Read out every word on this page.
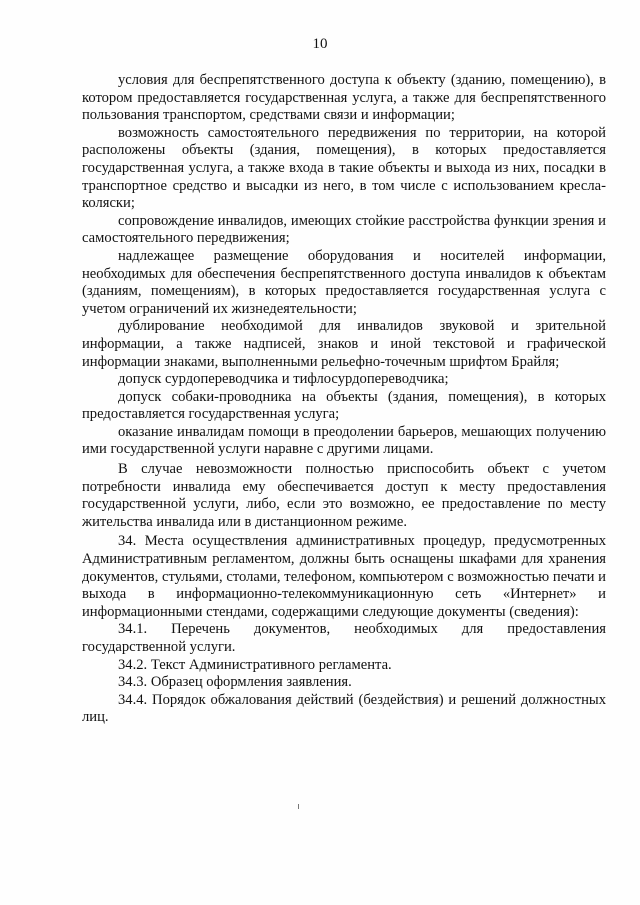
10

условия для беспрепятственного доступа к объекту (зданию, помещению), в котором предоставляется государственная услуга, а также для беспрепятственного пользования транспортом, средствами связи и информации;

возможность самостоятельного передвижения по территории, на которой расположены объекты (здания, помещения), в которых предоставляется государственная услуга, а также входа в такие объекты и выхода из них, посадки в транспортное средство и высадки из него, в том числе с использованием кресла-коляски;

сопровождение инвалидов, имеющих стойкие расстройства функции зрения и самостоятельного передвижения;

надлежащее размещение оборудования и носителей информации, необходимых для обеспечения беспрепятственного доступа инвалидов к объектам (зданиям, помещениям), в которых предоставляется государственная услуга с учетом ограничений их жизнедеятельности;

дублирование необходимой для инвалидов звуковой и зрительной информации, а также надписей, знаков и иной текстовой и графической информации знаками, выполненными рельефно-точечным шрифтом Брайля;

допуск сурдопереводчика и тифлосурдопереводчика;

допуск собаки-проводника на объекты (здания, помещения), в которых предоставляется государственная услуга;

оказание инвалидам помощи в преодолении барьеров, мешающих получению ими государственной услуги наравне с другими лицами.

В случае невозможности полностью приспособить объект с учетом потребности инвалида ему обеспечивается доступ к месту предоставления государственной услуги, либо, если это возможно, ее предоставление по месту жительства инвалида или в дистанционном режиме.

34. Места осуществления административных процедур, предусмотренных Административным регламентом, должны быть оснащены шкафами для хранения документов, стульями, столами, телефоном, компьютером с возможностью печати и выхода в информационно-телекоммуникационную сеть «Интернет» и информационными стендами, содержащими следующие документы (сведения):

34.1. Перечень документов, необходимых для предоставления государственной услуги.

34.2. Текст Административного регламента.

34.3. Образец оформления заявления.

34.4. Порядок обжалования действий (бездействия) и решений должностных лиц.
